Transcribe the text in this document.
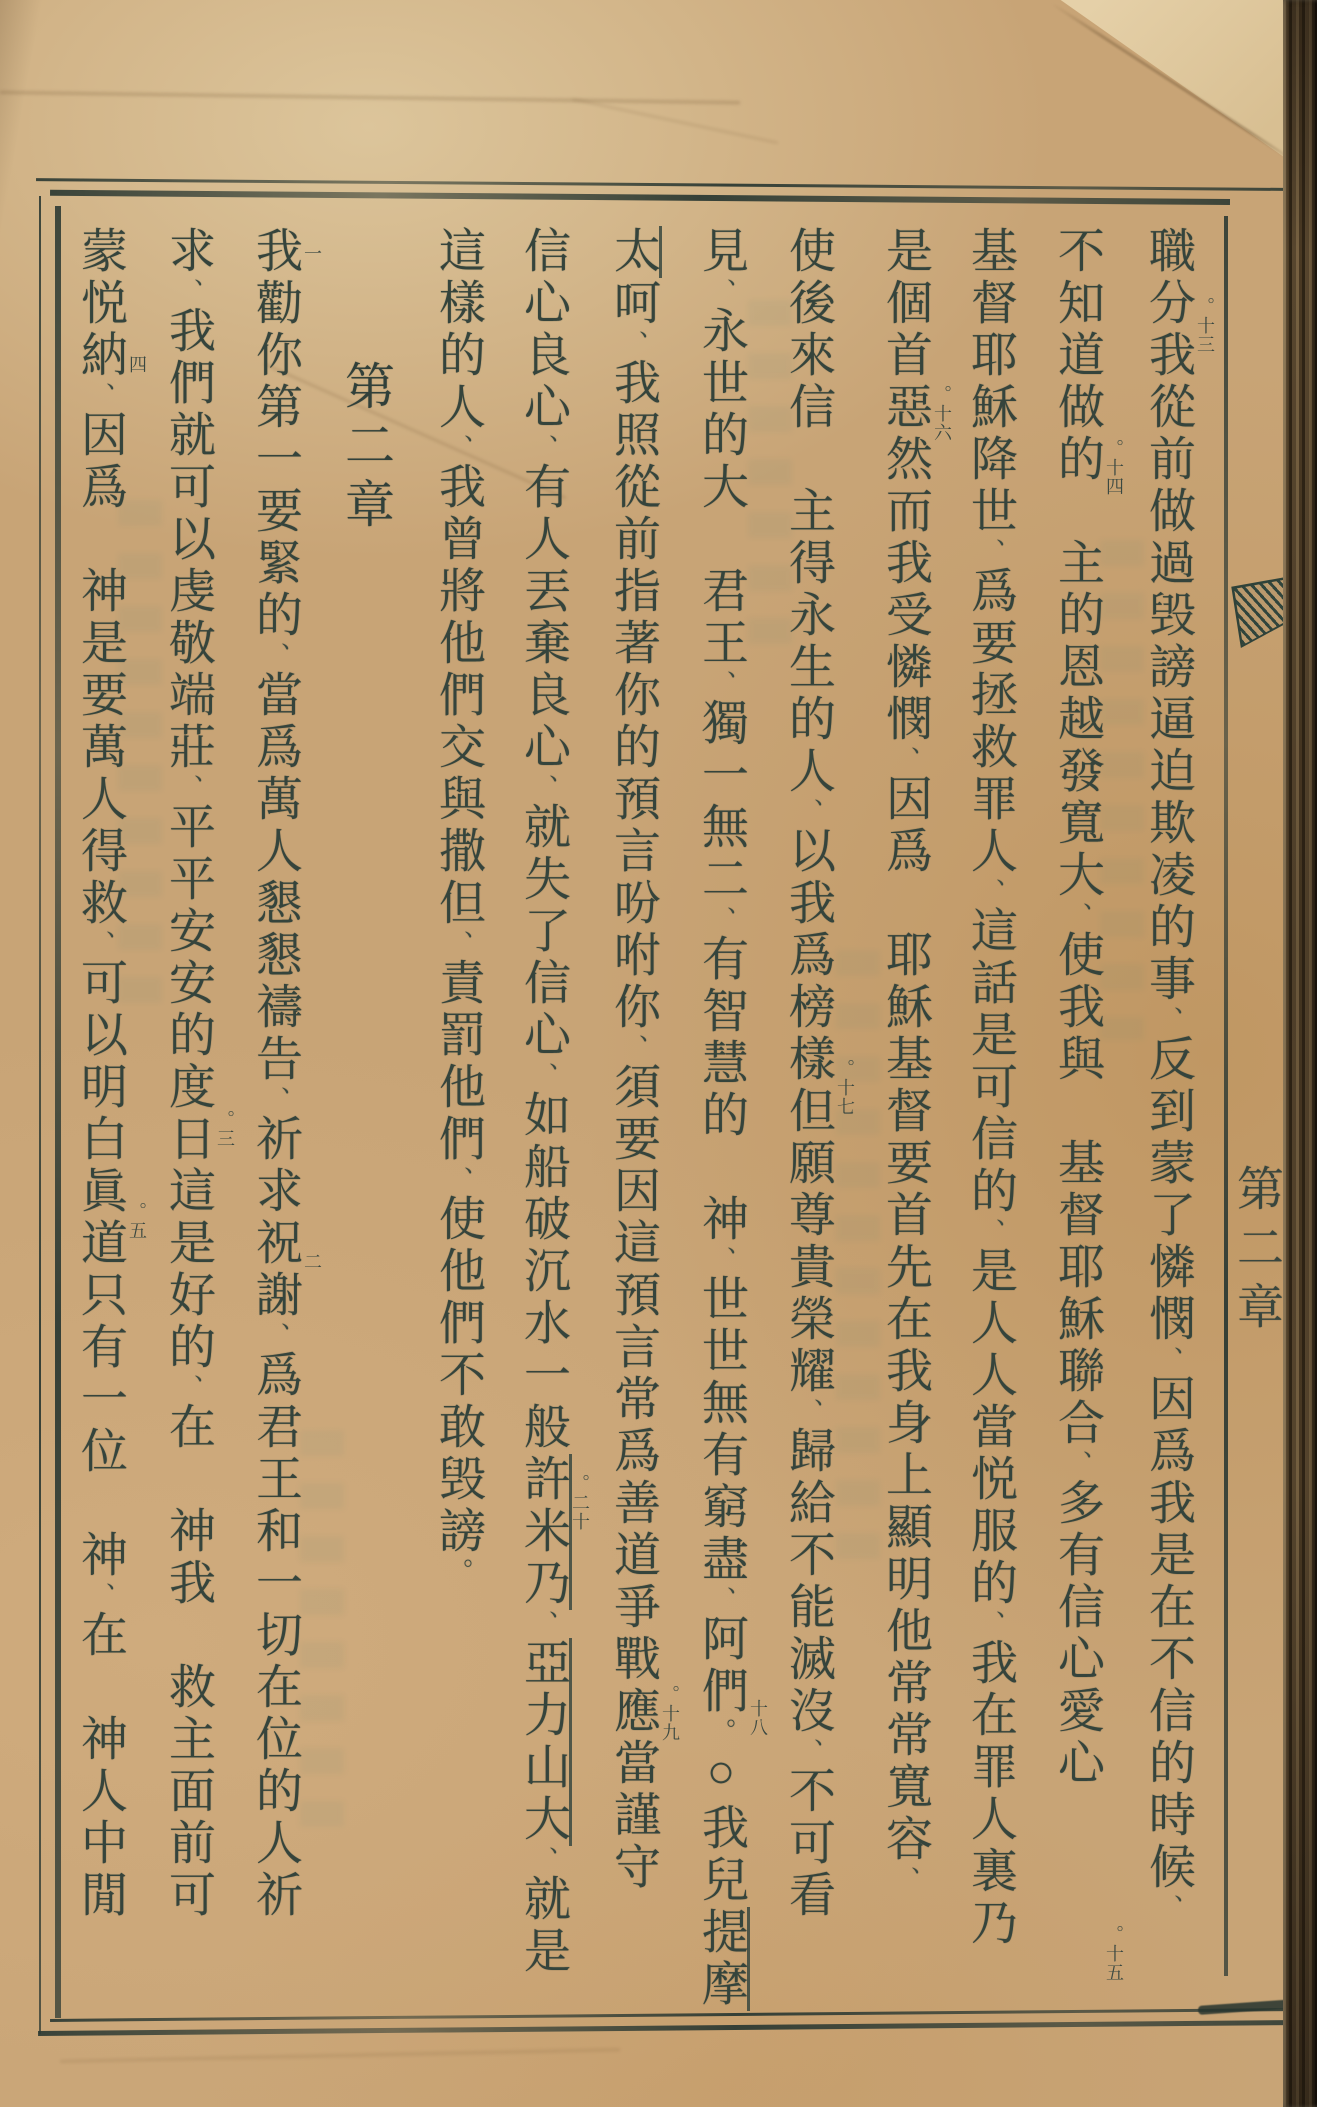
第二章
職分 。十三
我從前做過毁謗逼迫欺凌的事、反到蒙了憐憫、因爲我是在不信的時候、
不知道做的 。十四
　主的恩越發寬大、使我與　基督耶穌聯合、多有信心愛心
。十五
基督耶穌降世、爲要拯救罪人、這話是可信的、是人人當悦服的、我在罪人裏乃
是個首惡 。十六
然而我受憐憫、因爲　耶穌基督要首先在我身上顯明他常常寬容、
使後來信　主得永生的人、以我爲榜樣 。十七
但願尊貴榮耀、歸給不能滅沒、不可看
見、永世的大　君王、獨一無二、有智慧的　神、世世無有窮盡、阿們。○
十八
我兒提摩
太呵、我照從前指著你的預言吩咐你、須要因這預言常爲善道爭戰
。十九
應當謹守
信心良心、有人丟棄良心、就失了信心、如船破沉水一般
。二十
許米乃、亞力山大、就是
這樣的人、我曾將他們交與撒但、責罰他們、使他們不敢毁謗。
第二章
一
我勸你第一要緊的、當爲萬人懇懇禱告、祈求祝謝、
二
爲君王和一切在位的人祈
求、我們就可以虔敬端莊、平平安安的度日 。三
這是好的、在　神我　救主面前可
蒙悦納、
四
因爲　神是要萬人得救、可以明白眞道 。五
只有一位　神、在　神人中閒
